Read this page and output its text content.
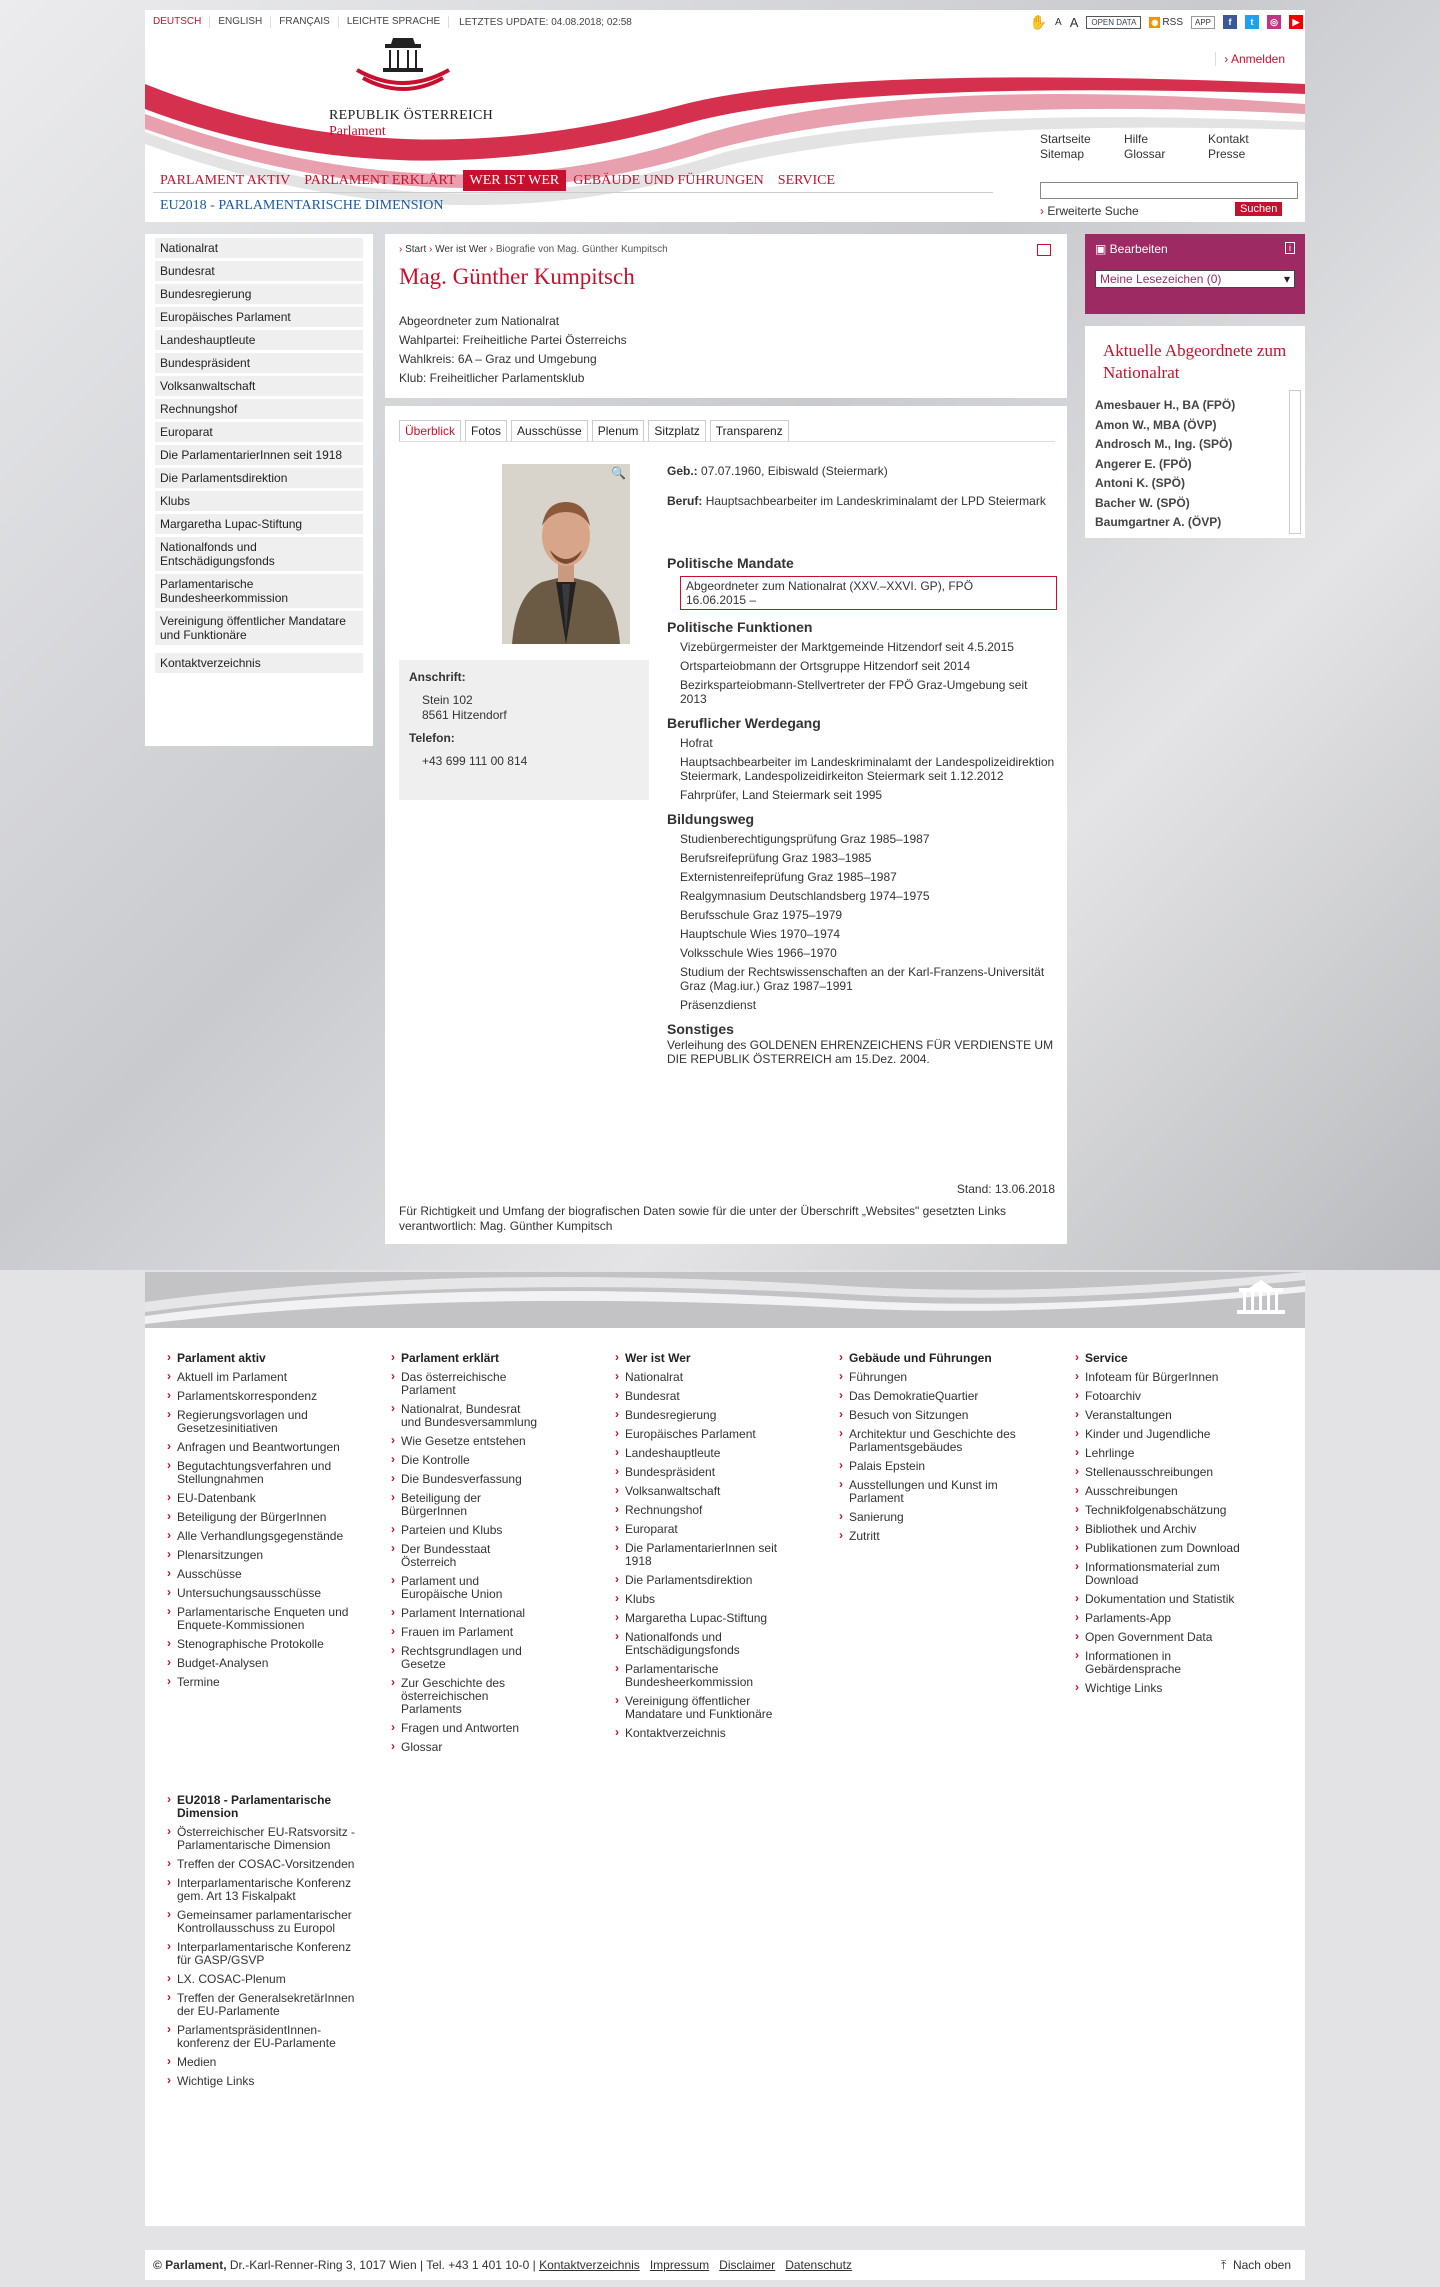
DEUTSCH	ENGLISH	FRANÇAIS	LEICHTE SPRACHE	LETZTES UPDATE: 04.08.2018; 02:58	✋ A A	OPEN DATA	◉ RSS	APP	f	t	◎	▶
REPUBLIK ÖSTERREICH
Parlament
› Anmelden
Startseite
Sitemap
Hilfe
Glossar
Kontakt
Presse
PARLAMENT AKTIV	PARLAMENT ERKLÄRT	WER IST WER	GEBÄUDE UND FÜHRUNGEN	SERVICE
EU2018 - PARLAMENTARISCHE DIMENSION	› Erweiterte Suche	Suchen
Nationalrat
Bundesrat
Bundesregierung
Europäisches Parlament
Landeshauptleute
Bundespräsident
Volksanwaltschaft
Rechnungshof
Europarat
Die ParlamentarierInnen seit 1918
Die Parlamentsdirektion
Klubs
Margaretha Lupac-Stiftung
Nationalfonds und Entschädigungsfonds
Parlamentarische Bundesheerkommission
Vereinigung öffentlicher Mandatare und Funktionäre
Kontaktverzeichnis
› Start › Wer ist Wer › Biografie von Mag. Günther Kumpitsch
Mag. Günther Kumpitsch
Abgeordneter zum Nationalrat
Wahlpartei: Freiheitliche Partei Österreichs
Wahlkreis: 6A – Graz und Umgebung
Klub: Freiheitlicher Parlamentsklub
Überblick	Fotos	Ausschüsse	Plenum	Sitzplatz	Transparenz
🔍
Anschrift:
Stein 102
8561 Hitzendorf
Telefon:
+43 699 111 00 814
Geb.: 07.07.1960, Eibiswald (Steiermark)
Beruf: Hauptsachbearbeiter im Landeskriminalamt der LPD Steiermark
Politische Mandate
Abgeordneter zum Nationalrat (XXV.–XXVI. GP), FPÖ
16.06.2015 –
Politische Funktionen
Vizebürgermeister der Marktgemeinde Hitzendorf seit 4.5.2015
Ortsparteiobmann der Ortsgruppe Hitzendorf seit 2014
Bezirksparteiobmann-Stellvertreter der FPÖ Graz-Umgebung seit 2013
Beruflicher Werdegang
Hofrat
Hauptsachbearbeiter im Landeskriminalamt der Landespolizeidirektion Steiermark, Landespolizeidirkeiton Steiermark seit 1.12.2012
Fahrprüfer, Land Steiermark seit 1995
Bildungsweg
Studienberechtigungsprüfung Graz 1985–1987
Berufsreifeprüfung Graz 1983–1985
Externistenreifeprüfung Graz 1985–1987
Realgymnasium Deutschlandsberg 1974–1975
Berufsschule Graz 1975–1979
Hauptschule Wies 1970–1974
Volksschule Wies 1966–1970
Studium der Rechtswissenschaften an der Karl-Franzens-Universität Graz (Mag.iur.) Graz 1987–1991
Präsenzdienst
Sonstiges
Verleihung des GOLDENEN EHRENZEICHENS FÜR VERDIENSTE UM DIE REPUBLIK ÖSTERREICH am 15.Dez. 2004.
Stand: 13.06.2018
Für Richtigkeit und Umfang der biografischen Daten sowie für die unter der Überschrift „Websites" gesetzten Links verantwortlich: Mag. Günther Kumpitsch
▣ Bearbeiten	i
Meine Lesezeichen (0)	▾
Aktuelle Abgeordnete zum Nationalrat
Amesbauer H., BA (FPÖ)
Amon W., MBA (ÖVP)
Androsch M., Ing. (SPÖ)
Angerer E. (FPÖ)
Antoni K. (SPÖ)
Bacher W. (SPÖ)
Baumgartner A. (ÖVP)
› Parlament aktiv
› Aktuell im Parlament
› Parlamentskorrespondenz
› Regierungsvorlagen und Gesetzesinitiativen
› Anfragen und Beantwortungen
› Begutachtungsverfahren und Stellungnahmen
› EU-Datenbank
› Beteiligung der BürgerInnen
› Alle Verhandlungsgegenstände
› Plenarsitzungen
› Ausschüsse
› Untersuchungsausschüsse
› Parlamentarische Enqueten und Enquete-Kommissionen
› Stenographische Protokolle
› Budget-Analysen
› Termine
› Parlament erklärt
› Das österreichische Parlament
› Nationalrat, Bundesrat und Bundesversammlung
› Wie Gesetze entstehen
› Die Kontrolle
› Die Bundesverfassung
› Beteiligung der BürgerInnen
› Parteien und Klubs
› Der Bundesstaat Österreich
› Parlament und Europäische Union
› Parlament International
› Frauen im Parlament
› Rechtsgrundlagen und Gesetze
› Zur Geschichte des österreichischen Parlaments
› Fragen und Antworten
› Glossar
› Wer ist Wer
› Nationalrat
› Bundesrat
› Bundesregierung
› Europäisches Parlament
› Landeshauptleute
› Bundespräsident
› Volksanwaltschaft
› Rechnungshof
› Europarat
› Die ParlamentarierInnen seit 1918
› Die Parlamentsdirektion
› Klubs
› Margaretha Lupac-Stiftung
› Nationalfonds und Entschädigungsfonds
› Parlamentarische Bundesheerkommission
› Vereinigung öffentlicher Mandatare und Funktionäre
› Kontaktverzeichnis
› Gebäude und Führungen
› Führungen
› Das DemokratieQuartier
› Besuch von Sitzungen
› Architektur und Geschichte des Parlamentsgebäudes
› Palais Epstein
› Ausstellungen und Kunst im Parlament
› Sanierung
› Zutritt
› Service
› Infoteam für BürgerInnen
› Fotoarchiv
› Veranstaltungen
› Kinder und Jugendliche
› Lehrlinge
› Stellenausschreibungen
› Ausschreibungen
› Technikfolgenabschätzung
› Bibliothek und Archiv
› Publikationen zum Download
› Informationsmaterial zum Download
› Dokumentation und Statistik
› Parlaments-App
› Open Government Data
› Informationen in Gebärdensprache
› Wichtige Links
› EU2018 - Parlamentarische Dimension
› Österreichischer EU-Ratsvorsitz - Parlamentarische Dimension
› Treffen der COSAC-Vorsitzenden
› Interparlamentarische Konferenz gem. Art 13 Fiskalpakt
› Gemeinsamer parlamentarischer Kontrollausschuss zu Europol
› Interparlamentarische Konferenz für GASP/GSVP
› LX. COSAC-Plenum
› Treffen der GeneralsekretärInnen der EU-Parlamente
› ParlamentspräsidentInnen-konferenz der EU-Parlamente
› Medien
› Wichtige Links
© Parlament, Dr.-Karl-Renner-Ring 3, 1017 Wien | Tel. +43 1 401 10-0 | Kontaktverzeichnis Impressum Disclaimer Datenschutz	⤒  Nach oben
